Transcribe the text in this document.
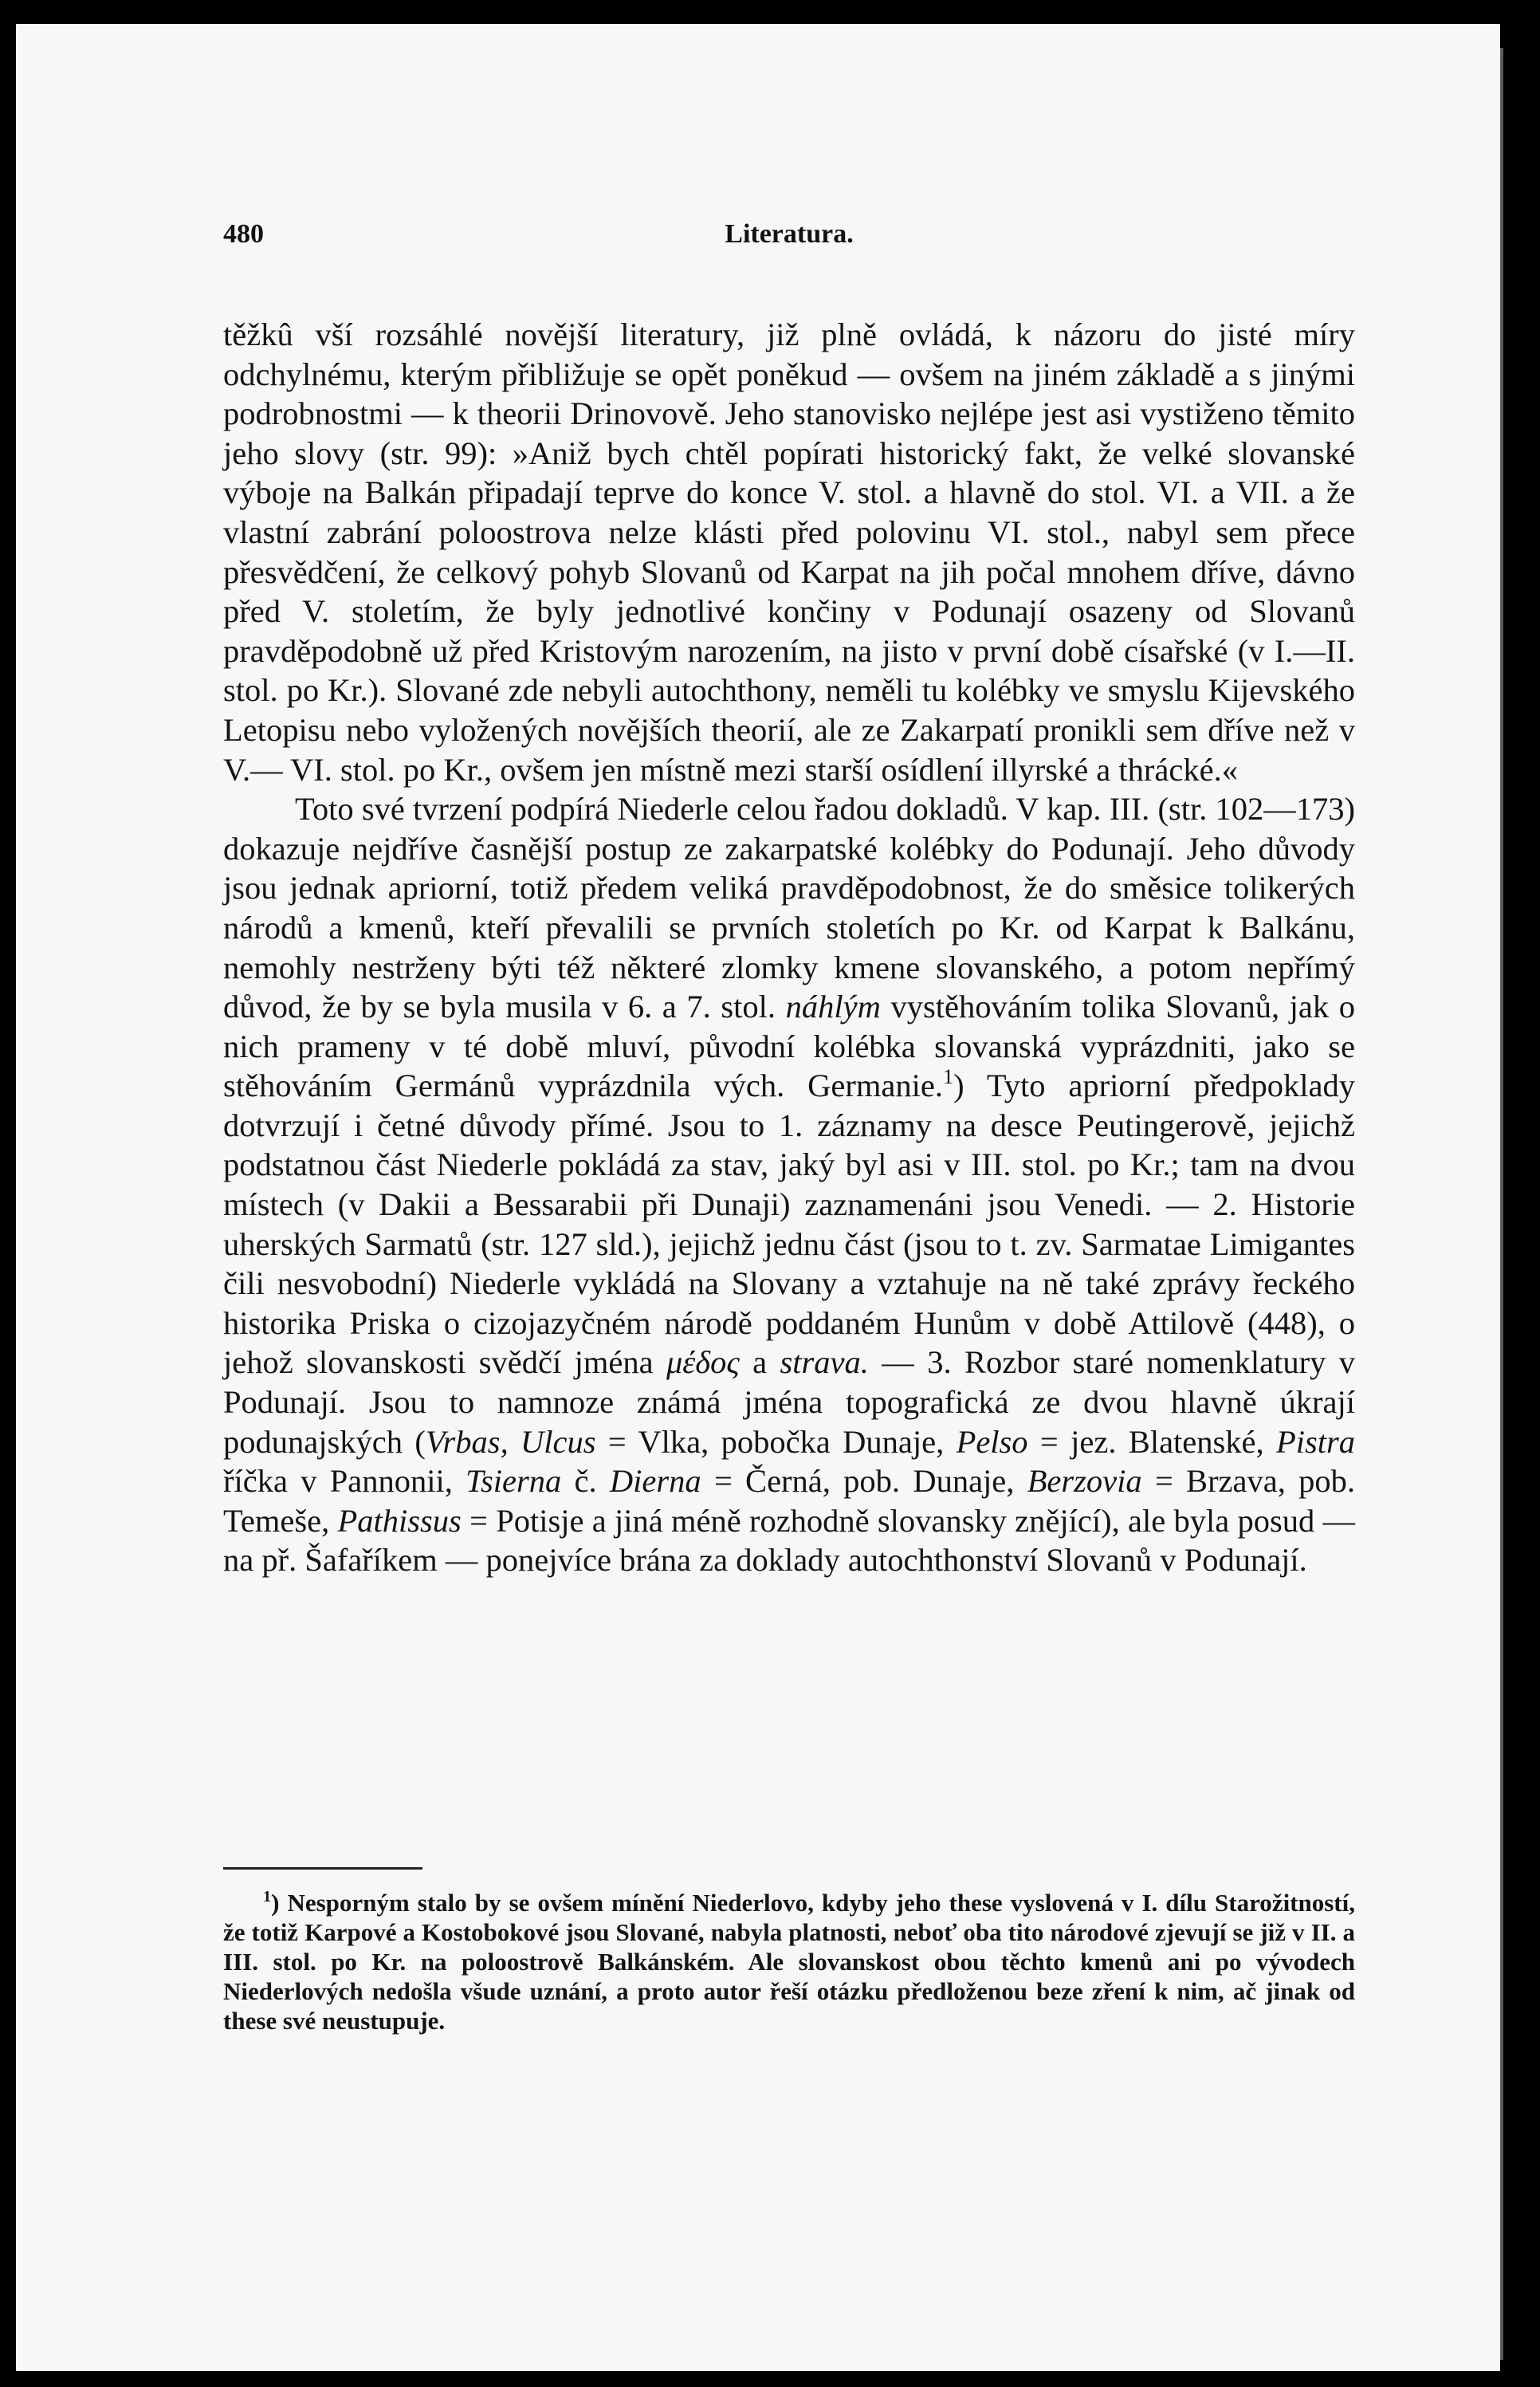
480	Literatura.

těžkû vší rozsáhlé novější literatury, již plně ovládá, k názoru do jisté míry odchylnému, kterým přibližuje se opět poněkud — ovšem na jiném základě a s jinými podrobnostmi — k theorii Drinovově. Jeho stanovisko nejlépe jest asi vystiženo těmito jeho slovy (str. 99): »Aniž bych chtěl popírati historický fakt, že velké slovanské výboje na Balkán připadají teprve do konce V. stol. a hlavně do stol. VI. a VII. a že vlastní zabrání poloostrova nelze klásti před polovinu VI. stol., nabyl sem přece přesvědčení, že celkový pohyb Slovanů od Karpat na jih počal mnohem dříve, dávno před V. stoletím, že byly jednotlivé končiny v Podunají osazeny od Slovanů pravděpodobně už před Kristovým narozením, na jisto v první době císařské (v I.—II. stol. po Kr.). Slované zde nebyli autochthony, neměli tu kolébky ve smyslu Kijevského Letopisu nebo vyložených novějších theorií, ale ze Zakarpatí pronikli sem dříve než v V.— VI. stol. po Kr., ovšem jen místně mezi starší osídlení illyrské a thrácké.«

Toto své tvrzení podpírá Niederle celou řadou dokladů. V kap. III. (str. 102—173) dokazuje nejdříve časnější postup ze zakarpatské kolébky do Podunají. Jeho důvody jsou jednak apriorní, totiž předem veliká pravděpodobnost, že do směsice tolikerých národů a kmenů, kteří převalili se prvních stoletích po Kr. od Karpat k Balkánu, nemohly nestrženy býti též některé zlomky kmene slovanského, a potom nepřímý důvod, že by se byla musila v 6. a 7. stol. náhlým vystěhováním tolika Slovanů, jak o nich prameny v té době mluví, původní kolébka slovanská vyprázdniti, jako se stěhováním Germánů vyprázdnila vých. Germanie.$^1$) Tyto apriorní předpoklady dotvrzují i četné důvody přímé. Jsou to 1. záznamy na desce Peutingerově, jejichž podstatnou část Niederle pokládá za stav, jaký byl asi v III. stol. po Kr.; tam na dvou místech (v Dakii a Bessarabii při Dunaji) zaznamenáni jsou Venedi. — 2. Historie uherských Sarmatů (str. 127 sld.), jejichž jednu část (jsou to t. zv. Sarmatae Limigantes čili nesvobodní) Niederle vykládá na Slovany a vztahuje na ně také zprávy řeckého historika Priska o cizojazyčném národě poddaném Hunům v době Attilově (448), o jehož slovanskosti svědčí jména μέδος a strava. — 3. Rozbor staré nomenklatury v Podunají. Jsou to namnoze známá jména topografická ze dvou hlavně úkrají podunajských (Vrbas, Ulcus = Vlka, pobočka Dunaje, Pelso = jez. Blatenské, Pistra říčka v Pannonii, Tsierna č. Dierna = Černá, pob. Dunaje, Berzovia = Brzava, pob. Temeše, Pathissus = Potisje a jiná méně rozhodně slovansky znějící), ale byla posud — na př. Šafaříkem — ponejvíce brána za doklady autochthonství Slovanů v Podunají.

$^1$) Nesporným stalo by se ovšem mínění Niederlovo, kdyby jeho these vyslovená v I. dílu Starožitností, že totiž Karpové a Kostobokové jsou Slované, nabyla platnosti, neboť oba tito národové zjevují se již v II. a III. stol. po Kr. na poloostrově Balkánském. Ale slovanskost obou těchto kmenů ani po vývodech Niederlových nedošla všude uznání, a proto autor řeší otázku předloženou beze zření k nim, ač jinak od these své neustupuje.
